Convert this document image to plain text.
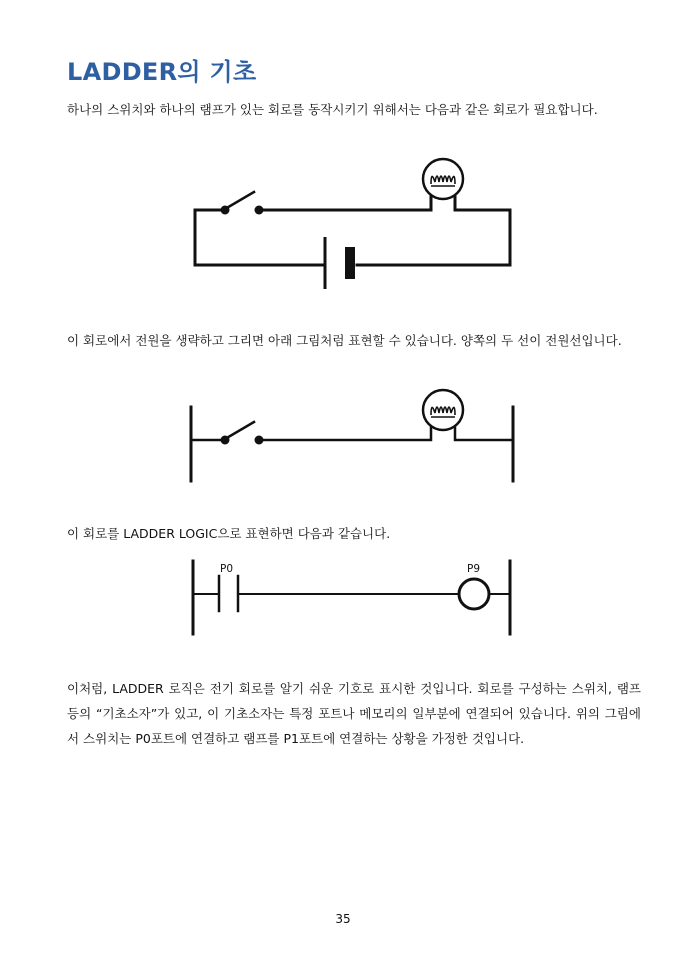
LADDER의 기초

하나의 스위치와 하나의 램프가 있는 회로를 동작시키기 위해서는 다음과 같은 회로가 필요합니다.

이 회로에서 전원을 생략하고 그리면 아래 그림처럼 표현할 수 있습니다. 양쪽의 두 선이 전원선입니다.

이 회로를 LADDER LOGIC으로 표현하면 다음과 같습니다.

P0	P9

이처럼, LADDER 로직은 전기 회로를 알기 쉬운 기호로 표시한 것입니다. 회로를 구성하는 스위치, 램프 등의 “기초소자”가 있고, 이 기초소자는 특정 포트나 메모리의 일부분에 연결되어 있습니다. 위의 그림에서 스위치는 P0포트에 연결하고 램프를 P1포트에 연결하는 상황을 가정한 것입니다.

35
